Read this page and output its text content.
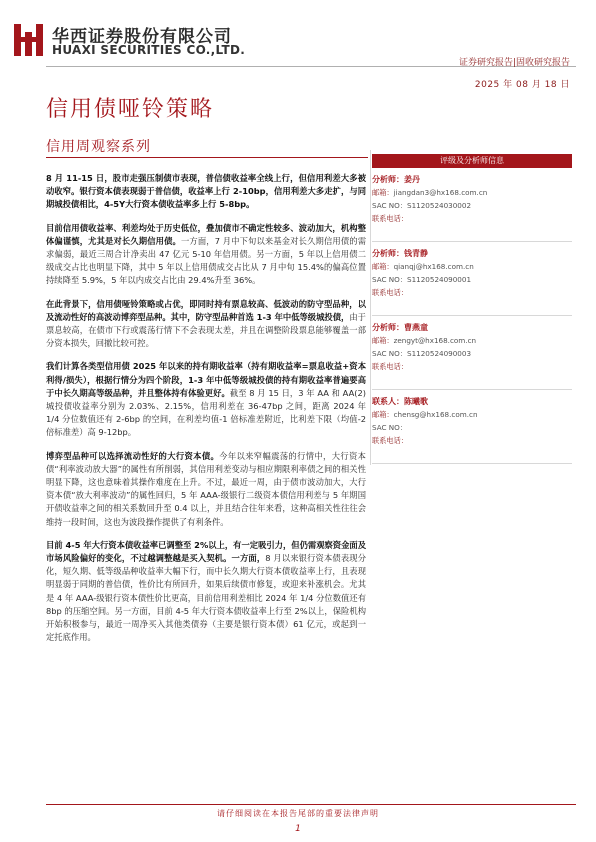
华西证券股份有限公司
HUAXI SECURITIES CO.,LTD.
证券研究报告|固收研究报告
2025 年 08 月 18 日
信用债哑铃策略
信用周观察系列

8 月 11-15 日，股市走强压制债市表现，普信债收益率全线上行，但信用利差大多被动收窄。银行资本债表现弱于普信债，收益率上行 2-10bp，信用利差大多走扩，与同期城投债相比，4-5Y大行资本债收益率多上行 5-8bp。

目前信用债收益率、利差均处于历史低位，叠加债市不确定性较多、波动加大，机构整体偏谨慎，尤其是对长久期信用债。一方面，7 月中下旬以来基金对长久期信用债的需求偏弱，最近三周合计净卖出 47 亿元 5-10 年信用债。另一方面，5 年以上信用债二级成交占比也明显下降，其中 5 年以上信用债成交占比从 7 月中旬 15.4%的偏高位置持续降至 5.9%，5 年以内成交占比由 29.4%升至 36%。

在此背景下，信用债哑铃策略或占优，即同时持有票息较高、低波动的防守型品种，以及流动性好的高波动博弈型品种。其中，防守型品种首选 1-3 年中低等级城投债，由于票息较高，在债市下行或震荡行情下不会表现太差，并且在调整阶段票息能够覆盖一部分资本损失，回撤比较可控。

我们计算各类型信用债 2025 年以来的持有期收益率（持有期收益率=票息收益+资本利得/损失），根据行情分为四个阶段，1-3 年中低等级城投债的持有期收益率普遍要高于中长久期高等级品种，并且整体持有体验更好。截至 8 月 15 日，3 年 AA 和 AA(2)城投债收益率分别为 2.03%、2.15%，信用利差在 36-47bp 之间，距离 2024 年 1/4 分位数值还有 2-6bp 的空间，在利差均值-1 倍标准差附近，比利差下限（均值-2 倍标准差）高 9-12bp。

博弈型品种可以选择流动性好的大行资本债。今年以来窄幅震荡的行情中，大行资本债“利率波动放大器”的属性有所削弱，其信用利差变动与相应期限利率债之间的相关性明显下降，这也意味着其操作难度在上升。不过，最近一周，由于债市波动加大，大行资本债“放大利率波动”的属性回归，5 年 AAA-级银行二级资本债信用利差与 5 年期国开债收益率之间的相关系数回升至 0.4 以上，并且结合往年来看，这种高相关性往往会维持一段时间，这也为波段操作提供了有利条件。

目前 4-5 年大行资本债收益率已调整至 2%以上，有一定吸引力，但仍需观察资金面及市场风险偏好的变化，不过越调整越是买入契机。一方面，8 月以来银行资本债表现分化，短久期、低等级品种收益率大幅下行，而中长久期大行资本债收益率上行，且表现明显弱于同期的普信债，性价比有所回升，如果后续债市修复，或迎来补涨机会。尤其是 4 年 AAA-级银行资本债性价比更高，目前信用利差相比 2024 年 1/4 分位数值还有 8bp 的压缩空间。另一方面，目前 4-5 年大行资本债收益率上行至 2%以上，保险机构开始积极参与，最近一周净买入其他类债券（主要是银行资本债）61 亿元，或起到一定托底作用。

评级及分析师信息
分析师：姜丹
邮箱：jiangdan3@hx168.com.cn
SAC NO：S1120524030002
联系电话：
分析师：钱青静
邮箱：qianqj@hx168.com.cn
SAC NO：S1120524090001
联系电话：
分析师：曹燕童
邮箱：zengyt@hx168.com.cn
SAC NO：S1120524090003
联系电话：
联系人：陈曦歌
邮箱：chensg@hx168.com.cn
SAC NO：
联系电话：
请仔细阅读在本报告尾部的重要法律声明
1
